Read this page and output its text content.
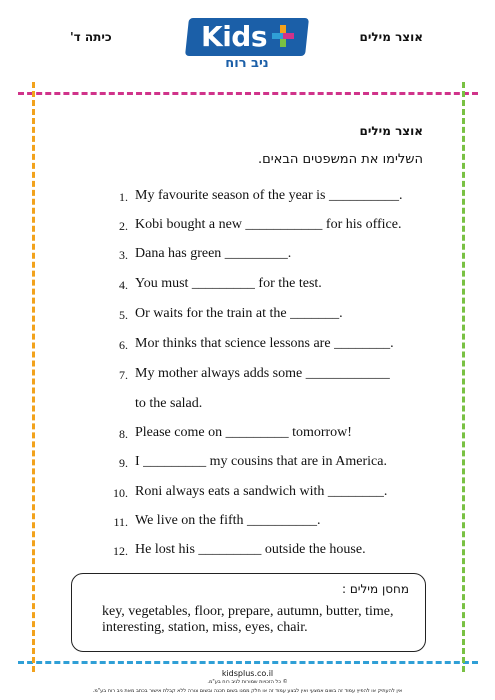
כיתה ד'	אוצר מילים
Kids
ניב רוח
אוצר מילים
השלימו את המשפטים הבאים.
1. My favourite season of the year is __________.
2. Kobi bought a new ___________ for his office.
3. Dana has green _________.
4. You must _________ for the test.
5. Or waits for the train at the _______.
6. Mor thinks that science lessons are ________.
7. My mother always adds some ____________
to the salad.
8. Please come on _________ tomorrow!
9. I _________ my cousins that are in America.
10. Roni always eats a sandwich with ________.
11. We live on the fifth __________.
12. He lost his _________ outside the house.
מחסן מילים :
key, vegetables, floor, prepare, autumn, butter, time, interesting, station, miss, eyes, chair.
kidsplus.co.il
© כל הזכויות שמורות לניב רוח בע"מ.
אין להעתיק או להפיץ עמוד זה בשום אמצעי ואין לבצע עמוד זה או חלק ממנו בשום תכנה ובשום צורה ללא קבלת אישור בכתב מאת ניב רוח בע"מ.
